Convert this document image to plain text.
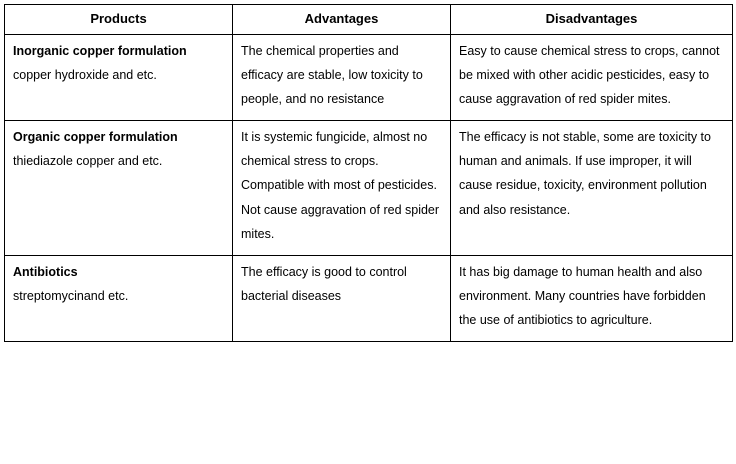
Products	Advantages	Disadvantages

Inorganic copper formulation
copper hydroxide and etc.	The chemical properties and efficacy are stable, low toxicity to people, and no resistance	Easy to cause chemical stress to crops, cannot be mixed with other acidic pesticides, easy to cause aggravation of red spider mites.

Organic copper formulation
thiediazole copper and etc.	It is systemic fungicide, almost no chemical stress to crops. Compatible with most of pesticides. Not cause aggravation of red spider mites.	The efficacy is not stable, some are toxicity to human and animals. If use improper, it will cause residue, toxicity, environment pollution and also resistance.

Antibiotics
streptomycinand etc.	The efficacy is good to control bacterial diseases	It has big damage to human health and also environment. Many countries have forbidden the use of antibiotics to agriculture.
